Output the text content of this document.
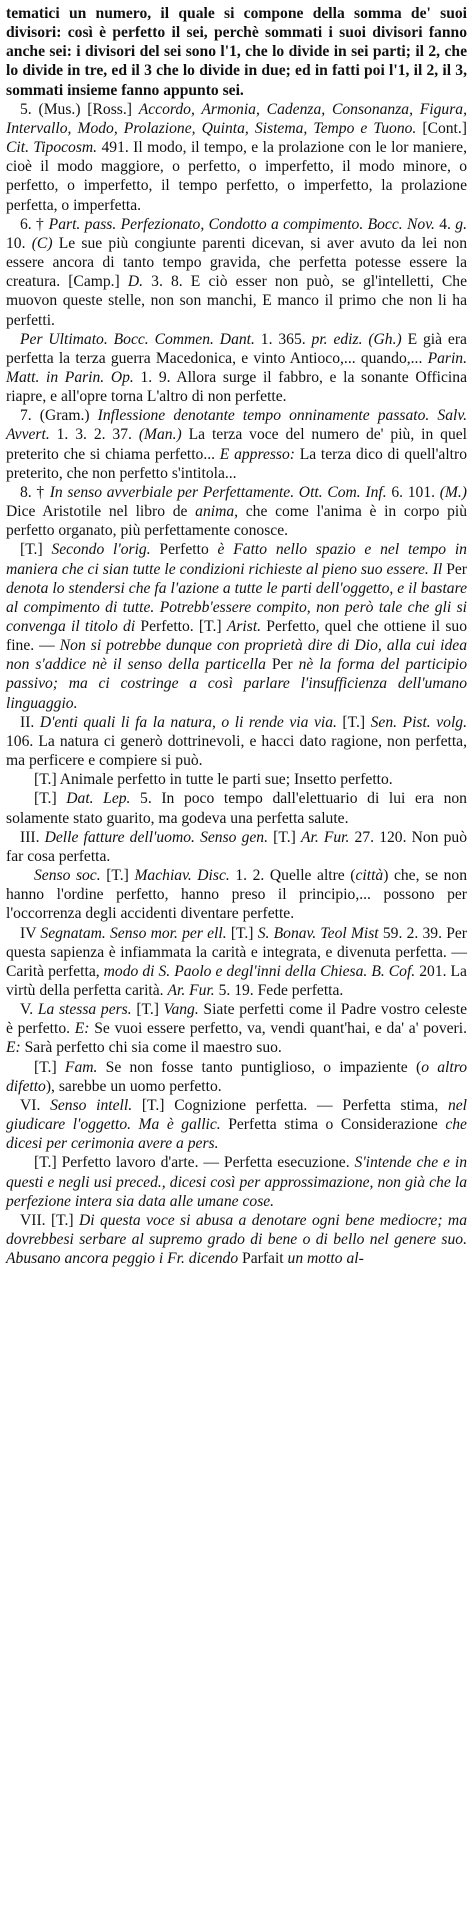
tematici un numero, il quale si compone della somma de' suoi divisori: così è perfetto il sei, perchè sommati i suoi divisori fanno anche sei: i divisori del sei sono l'1, che lo divide in sei parti; il 2, che lo divide in tre, ed il 3 che lo divide in due; ed in fatti poi l'1, il 2, il 3, sommati insieme fanno appunto sei.

5. (Mus.) [Ross.] Accordo, Armonia, Cadenza, Consonanza, Figura, Intervallo, Modo, Prolazione, Quinta, Sistema, Tempo e Tuono. [Cont.] Cit. Tipocosm. 491. Il modo, il tempo, e la prolazione con le lor maniere, cioè il modo maggiore, o perfetto, o imperfetto, il modo minore, o perfetto, o imperfetto, il tempo perfetto, o imperfetto, la prolazione perfetta, o imperfetta.

6. † Part. pass. Perfezionato, Condotto a compimento. Bocc. Nov. 4. g. 10. (C) Le sue più congiunte parenti dicevan, si aver avuto da lei non essere ancora di tanto tempo gravida, che perfetta potesse essere la creatura. [Camp.] D. 3. 8. E ciò esser non può, se gl'intelletti, Che muovon queste stelle, non son manchi, E manco il primo che non li ha perfetti.

Per Ultimato. Bocc. Commen. Dant. 1. 365. pr. ediz. (Gh.) E già era perfetta la terza guerra Macedonica, e vinto Antioco,... quando,... Parin. Matt. in Parin. Op. 1. 9. Allora surge il fabbro, e la sonante Officina riapre, e all'opre torna L'altro di non perfette.

7. (Gram.) Inflessione denotante tempo onninamente passato. Salv. Avvert. 1. 3. 2. 37. (Man.) La terza voce del numero de' più, in quel preterito che si chiama perfetto... E appresso: La terza dico di quell'altro preterito, che non perfetto s'intitola...

8. † In senso avverbiale per Perfettamente. Ott. Com. Inf. 6. 101. (M.) Dice Aristotile nel libro de anima, che come l'anima è in corpo più perfetto organato, più perfettamente conosce.

[T.] Secondo l'orig. Perfetto è Fatto nello spazio e nel tempo in maniera che ci sian tutte le condizioni richieste al pieno suo essere. Il Per denota lo stendersi che fa l'azione a tutte le parti dell'oggetto, e il bastare al compimento di tutte. Potrebb'essere compito, non però tale che gli si convenga il titolo di Perfetto. [T.] Arist. Perfetto, quel che ottiene il suo fine. — Non si potrebbe dunque con proprietà dire di Dio, alla cui idea non s'addice nè il senso della particella Per nè la forma del participio passivo; ma ci costringe a così parlare l'insufficienza dell'umano linguaggio.

II. D'enti quali li fa la natura, o li rende via via. [T.] Sen. Pist. volg. 106. La natura ci generò dottrinevoli, e hacci dato ragione, non perfetta, ma perficere e compiere si può.

[T.] Animale perfetto in tutte le parti sue; Insetto perfetto.

[T.] Dat. Lep. 5. In poco tempo dall'elettuario di lui era non solamente stato guarito, ma godeva una perfetta salute.

III. Delle fatture dell'uomo. Senso gen. [T.] Ar. Fur. 27. 120. Non può far cosa perfetta.

Senso soc. [T.] Machiav. Disc. 1. 2. Quelle altre (città) che, se non hanno l'ordine perfetto, hanno preso il principio,... possono per l'occorrenza degli accidenti diventare perfette.

IV Segnatam. Senso mor. per ell. [T.] S. Bonav. Teol Mist 59. 2. 39. Per questa sapienza è infiammata la carità e integrata, e divenuta perfetta. — Carità perfetta, modo di S. Paolo e degl'inni della Chiesa. B. Cof. 201. La virtù della perfetta carità. Ar. Fur. 5. 19. Fede perfetta.

V. La stessa pers. [T.] Vang. Siate perfetti come il Padre vostro celeste è perfetto. E: Se vuoi essere perfetto, va, vendi quant'hai, e da' a' poveri. E: Sarà perfetto chi sia come il maestro suo.

[T.] Fam. Se non fosse tanto puntiglioso, o impaziente (o altro difetto), sarebbe un uomo perfetto.

VI. Senso intell. [T.] Cognizione perfetta. — Perfetta stima, nel giudicare l'oggetto. Ma è gallic. Perfetta stima o Considerazione che dicesi per cerimonia avere a pers.

[T.] Perfetto lavoro d'arte. — Perfetta esecuzione. S'intende che e in questi e negli usi preced., dicesi così per approssimazione, non già che la perfezione intera sia data alle umane cose.

VII. [T.] Di questa voce si abusa a denotare ogni bene mediocre; ma dovrebbesi serbare al supremo grado di bene o di bello nel genere suo. Abusano ancora peggio i Fr. dicendo Parfait un motto al-
